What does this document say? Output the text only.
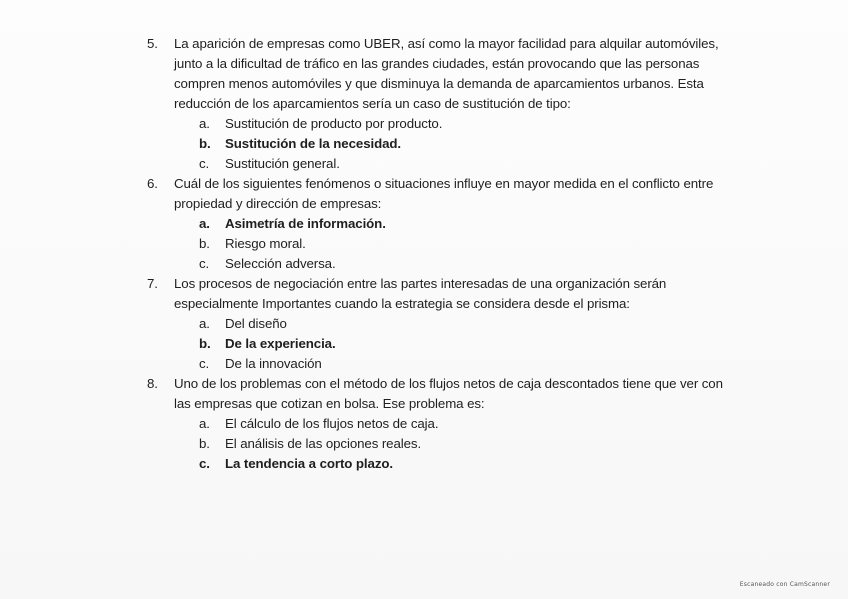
5.	La aparición de empresas como UBER, así como la mayor facilidad para alquilar automóviles, junto a la dificultad de tráfico en las grandes ciudades, están provocando que las personas compren menos automóviles y que disminuya la demanda de aparcamientos urbanos. Esta reducción de los aparcamientos sería un caso de sustitución de tipo:
a.	Sustitución de producto por producto.
b.	Sustitución de la necesidad.
c.	Sustitución general.
6.	Cuál de los siguientes fenómenos o situaciones influye en mayor medida en el conflicto entre propiedad y dirección de empresas:
a.	Asimetría de información.
b.	Riesgo moral.
c.	Selección adversa.
7.	Los procesos de negociación entre las partes interesadas de una organización serán especialmente Importantes cuando la estrategia se considera desde el prisma:
a.	Del diseño
b.	De la experiencia.
c.	De la innovación
8.	Uno de los problemas con el método de los flujos netos de caja descontados tiene que ver con las empresas que cotizan en bolsa. Ese problema es:
a.	El cálculo de los flujos netos de caja.
b.	El análisis de las opciones reales.
c.	La tendencia a corto plazo.
Escaneado con CamScanner
